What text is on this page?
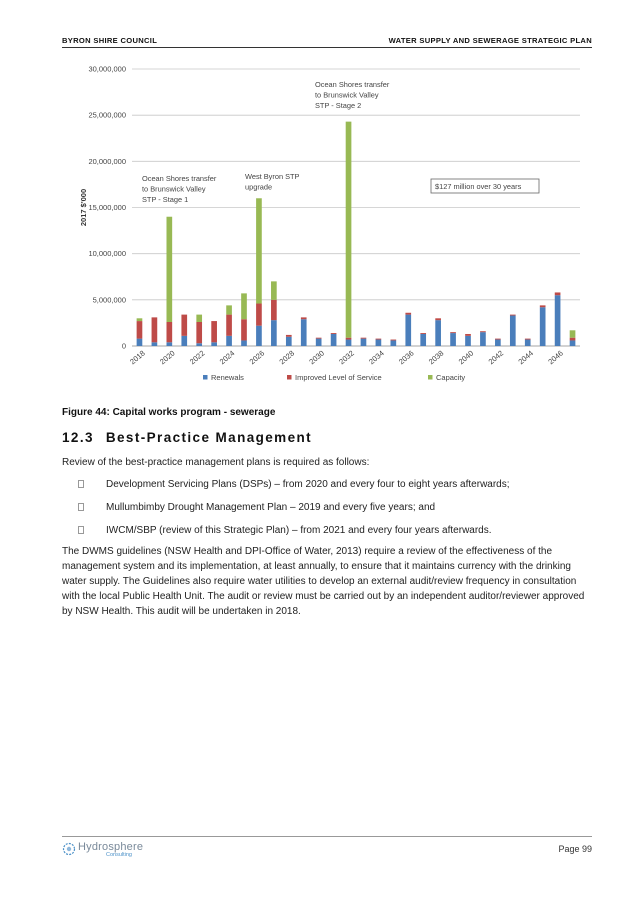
BYRON SHIRE COUNCIL	WATER SUPPLY AND SEWERAGE STRATEGIC PLAN
0
5,000,000
10,000,000
15,000,000
20,000,000
25,000,000
30,000,000
2017 $'000
2018 2020 2022 2024 2026 2028 2030 2032 2034 2036 2038 2040 2042 2044 2046
Ocean Shores transfer
to Brunswick Valley
STP - Stage 1
West Byron STP
upgrade
Ocean Shores transfer
to Brunswick Valley
STP - Stage 2
$127 million over 30 years
Renewals	Improved Level of Service	Capacity
Figure 44: Capital works program - sewerage
12.3 Best-Practice Management
Review of the best-practice management plans is required as follows:
Development Servicing Plans (DSPs) – from 2020 and every four to eight years afterwards;
Mullumbimby Drought Management Plan – 2019 and every five years; and
IWCM/SBP (review of this Strategic Plan) – from 2021 and every four years afterwards.
The DWMS guidelines (NSW Health and DPI-Office of Water, 2013) require a review of the effectiveness of the management system and its implementation, at least annually, to ensure that it maintains currency with the drinking water supply. The Guidelines also require water utilities to develop an external audit/review frequency in consultation with the local Public Health Unit. The audit or review must be carried out by an independent auditor/reviewer approved by NSW Health. This audit will be undertaken in 2018.
Hydrosphere
Consulting
Page 99
